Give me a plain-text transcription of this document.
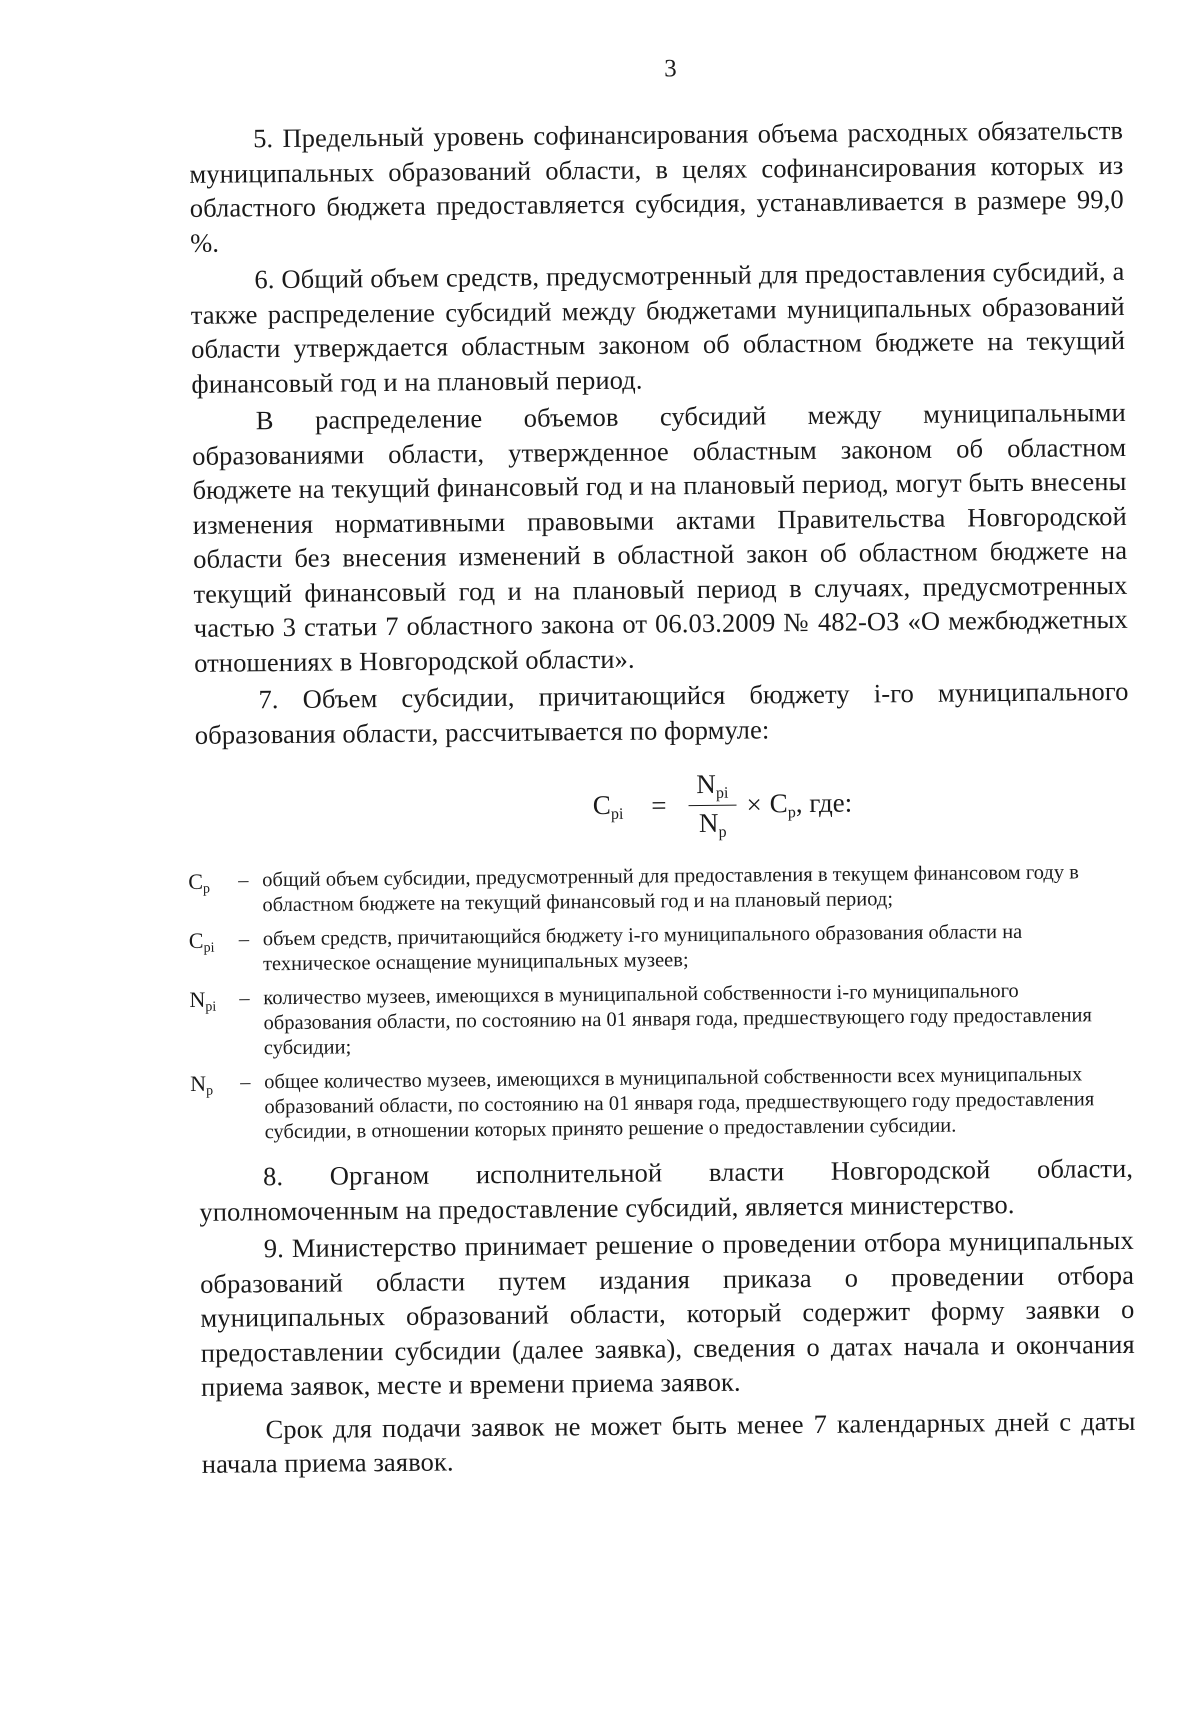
3

5. Предельный уровень софинансирования объема расходных обязательств муниципальных образований области, в целях софинансирования которых из областного бюджета предоставляется субсидия, устанавливается в размере 99,0 %.

6. Общий объем средств, предусмотренный для предоставления субсидий, а также распределение субсидий между бюджетами муниципальных образований области утверждается областным законом об областном бюджете на текущий финансовый год и на плановый период.

В распределение объемов субсидий между муниципальными образованиями области, утвержденное областным законом об областном бюджете на текущий финансовый год и на плановый период, могут быть внесены изменения нормативными правовыми актами Правительства Новгородской области без внесения изменений в областной закон об областном бюджете на текущий финансовый год и на плановый период в случаях, предусмотренных частью 3 статьи 7 областного закона от 06.03.2009 № 482-ОЗ «О межбюджетных отношениях в Новгородской области».

7. Объем субсидии, причитающийся бюджету i-го муниципального образования области, рассчитывается по формуле:

$C_{pi} = \frac{N_{pi}}{N_p} \times C_p$, где:
$C_p$	– общий объем субсидии, предусмотренный для предоставления в текущем финансовом году в областном бюджете на текущий финансовый год и на плановый период;
$C_{pi}$	– объем средств, причитающийся бюджету i-го муниципального образования области на техническое оснащение муниципальных музеев;
$N_{pi}$	– количество музеев, имеющихся в муниципальной собственности i-го муниципального образования области, по состоянию на 01 января года, предшествующего году предоставления субсидии;
$N_p$	– общее количество музеев, имеющихся в муниципальной собственности всех муниципальных образований области, по состоянию на 01 января года, предшествующего году предоставления субсидии, в отношении которых принято решение о предоставлении субсидии.

8. Органом исполнительной власти Новгородской области, уполномоченным на предоставление субсидий, является министерство.

9. Министерство принимает решение о проведении отбора муниципальных образований области путем издания приказа о проведении отбора муниципальных образований области, который содержит форму заявки о предоставлении субсидии (далее заявка), сведения о датах начала и окончания приема заявок, месте и времени приема заявок.

Срок для подачи заявок не может быть менее 7 календарных дней с даты начала приема заявок.
